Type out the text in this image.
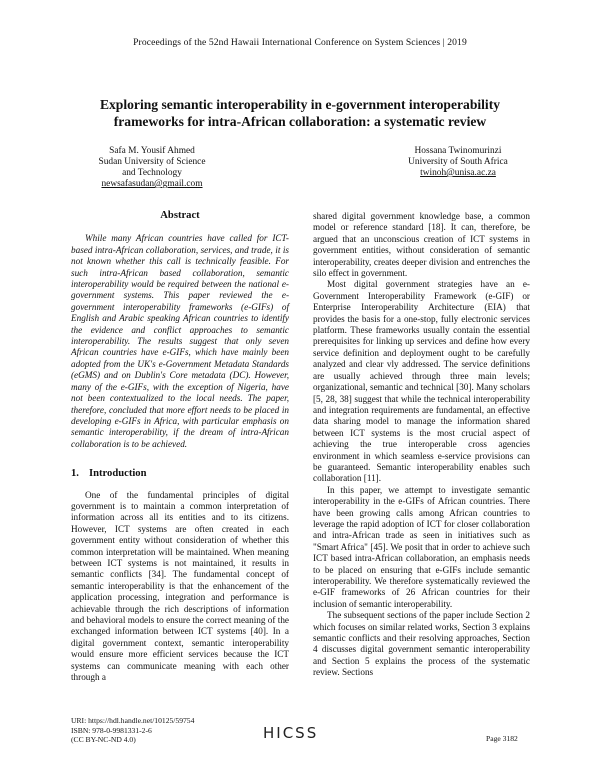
Proceedings of the 52nd Hawaii International Conference on System Sciences | 2019
Exploring semantic interoperability in e-government interoperability
frameworks for intra-African collaboration: a systematic review
Safa M. Yousif Ahmed
Sudan University of Science
and Technology
newsafasudan@gmail.com
Hossana Twinomurinzi
University of South Africa
twinoh@unisa.ac.za
Abstract

While many African countries have called for ICT-based intra-African collaboration, services, and trade, it is not known whether this call is technically feasible. For such intra-African based collaboration, semantic interoperability would be required between the national e-government systems. This paper reviewed the e-government interoperability frameworks (e-GIFs) of English and Arabic speaking African countries to identify the evidence and conflict approaches to semantic interoperability. The results suggest that only seven African countries have e-GIFs, which have mainly been adopted from the UK's e-Government Metadata Standards (eGMS) and on Dublin's Core metadata (DC). However, many of the e-GIFs, with the exception of Nigeria, have not been contextualized to the local needs. The paper, therefore, concluded that more effort needs to be placed in developing e-GIFs in Africa, with particular emphasis on semantic interoperability, if the dream of intra-African collaboration is to be achieved.

1. Introduction

One of the fundamental principles of digital government is to maintain a common interpretation of information across all its entities and to its citizens. However, ICT systems are often created in each government entity without consideration of whether this common interpretation will be maintained. When meaning between ICT systems is not maintained, it results in semantic conflicts [34]. The fundamental concept of semantic interoperability is that the enhancement of the application processing, integration and performance is achievable through the rich descriptions of information and behavioral models to ensure the correct meaning of the exchanged information between ICT systems [40]. In a digital government context, semantic interoperability would ensure more efficient services because the ICT systems can communicate meaning with each other through a

shared digital government knowledge base, a common model or reference standard [18]. It can, therefore, be argued that an unconscious creation of ICT systems in government entities, without consideration of semantic interoperability, creates deeper division and entrenches the silo effect in government.

Most digital government strategies have an e-Government Interoperability Framework (e-GIF) or Enterprise Interoperability Architecture (EIA) that provides the basis for a one-stop, fully electronic services platform. These frameworks usually contain the essential prerequisites for linking up services and define how every service definition and deployment ought to be carefully analyzed and clear vly addressed. The service definitions are usually achieved through three main levels; organizational, semantic and technical [30]. Many scholars [5, 28, 38] suggest that while the technical interoperability and integration requirements are fundamental, an effective data sharing model to manage the information shared between ICT systems is the most crucial aspect of achieving the true interoperable cross agencies environment in which seamless e-service provisions can be guaranteed. Semantic interoperability enables such collaboration [11].

In this paper, we attempt to investigate semantic interoperability in the e-GIFs of African countries. There have been growing calls among African countries to leverage the rapid adoption of ICT for closer collaboration and intra-African trade as seen in initiatives such as "Smart Africa" [45]. We posit that in order to achieve such ICT based intra-African collaboration, an emphasis needs to be placed on ensuring that e-GIFs include semantic interoperability. We therefore systematically reviewed the e-GIF frameworks of 26 African countries for their inclusion of semantic interoperability.

The subsequent sections of the paper include Section 2 which focuses on similar related works, Section 3 explains semantic conflicts and their resolving approaches, Section 4 discusses digital government semantic interoperability and Section 5 explains the process of the systematic review. Sections

URI: https://hdl.handle.net/10125/59754
ISBN: 978-0-9981331-2-6
(CC BY-NC-ND 4.0)	HICSS	Page 3182
